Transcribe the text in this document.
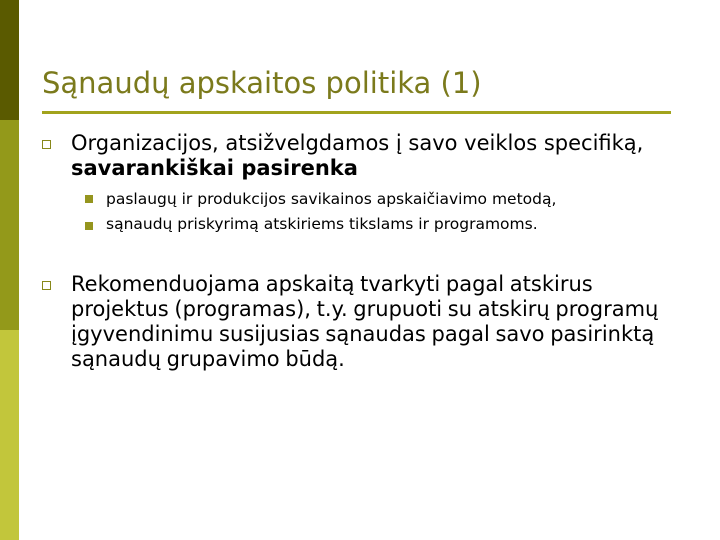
Sąnaudų apskaitos politika (1)

Organizacijos, atsižvelgdamos į savo veiklos specifiką, savarankiškai pasirenka

paslaugų ir produkcijos savikainos apskaičiavimo metodą,

sąnaudų priskyrimą atskiriems tikslams ir programoms.

Rekomenduojama apskaitą tvarkyti pagal atskirus projektus (programas), t.y. grupuoti su atskirų programų įgyvendinimu susijusias sąnaudas pagal savo pasirinktą sąnaudų grupavimo būdą.
